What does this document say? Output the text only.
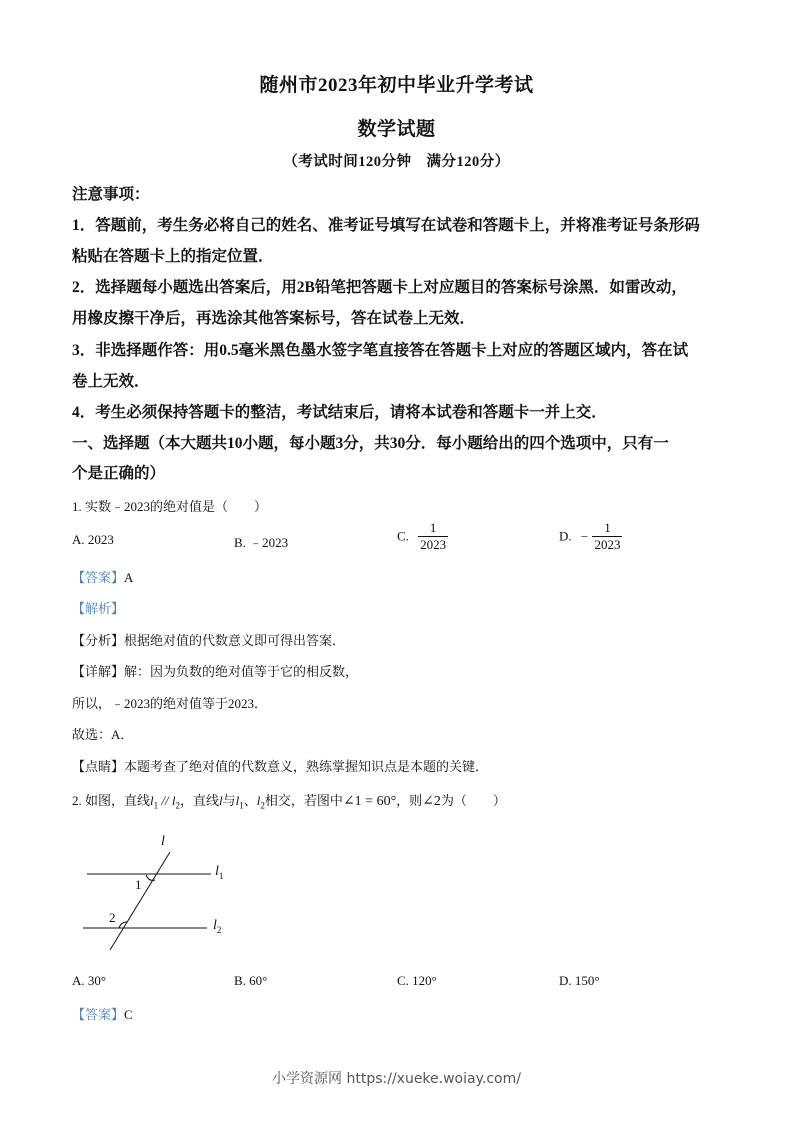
随州市2023年初中毕业升学考试
数学试题
（考试时间120分钟　满分120分）
注意事项：
1．答题前，考生务必将自己的姓名、准考证号填写在试卷和答题卡上，并将准考证号条形码
粘贴在答题卡上的指定位置．
2．选择题每小题选出答案后，用2B铅笔把答题卡上对应题目的答案标号涂黑．如雷改动，
用橡皮擦干净后，再选涂其他答案标号，答在试卷上无效．
3．非选择题作答：用0.5毫米黑色墨水签字笔直接答在答题卡上对应的答题区域内，答在试
卷上无效．
4．考生必须保持答题卡的整洁，考试结束后，请将本试卷和答题卡一并上交．
一、选择题（本大题共10小题，每小题3分，共30分．每小题给出的四个选项中，只有一
个是正确的）
1. 实数﹣2023的绝对值是（　　）
A. 2023	B. ﹣2023	C. $\frac{1}{2023}$	D. − $\frac{1}{2023}$
【答案】A
【解析】
【分析】根据绝对值的代数意义即可得出答案．
【详解】解：因为负数的绝对值等于它的相反数，
所以，﹣2023的绝对值等于2023．
故选：A．
【点睛】本题考查了绝对值的代数意义，熟练掌握知识点是本题的关键．
2. 如图，直线$l_1 // l_2$，直线l与$l_1$、$l_2$相交，若图中∠1 = 60°，则∠2为（　　）
l
$l_1$
$l_2$
1
2
A. 30°	B. 60°	C. 120°	D. 150°
【答案】C
小学资源网 https://xueke.woiay.com/
